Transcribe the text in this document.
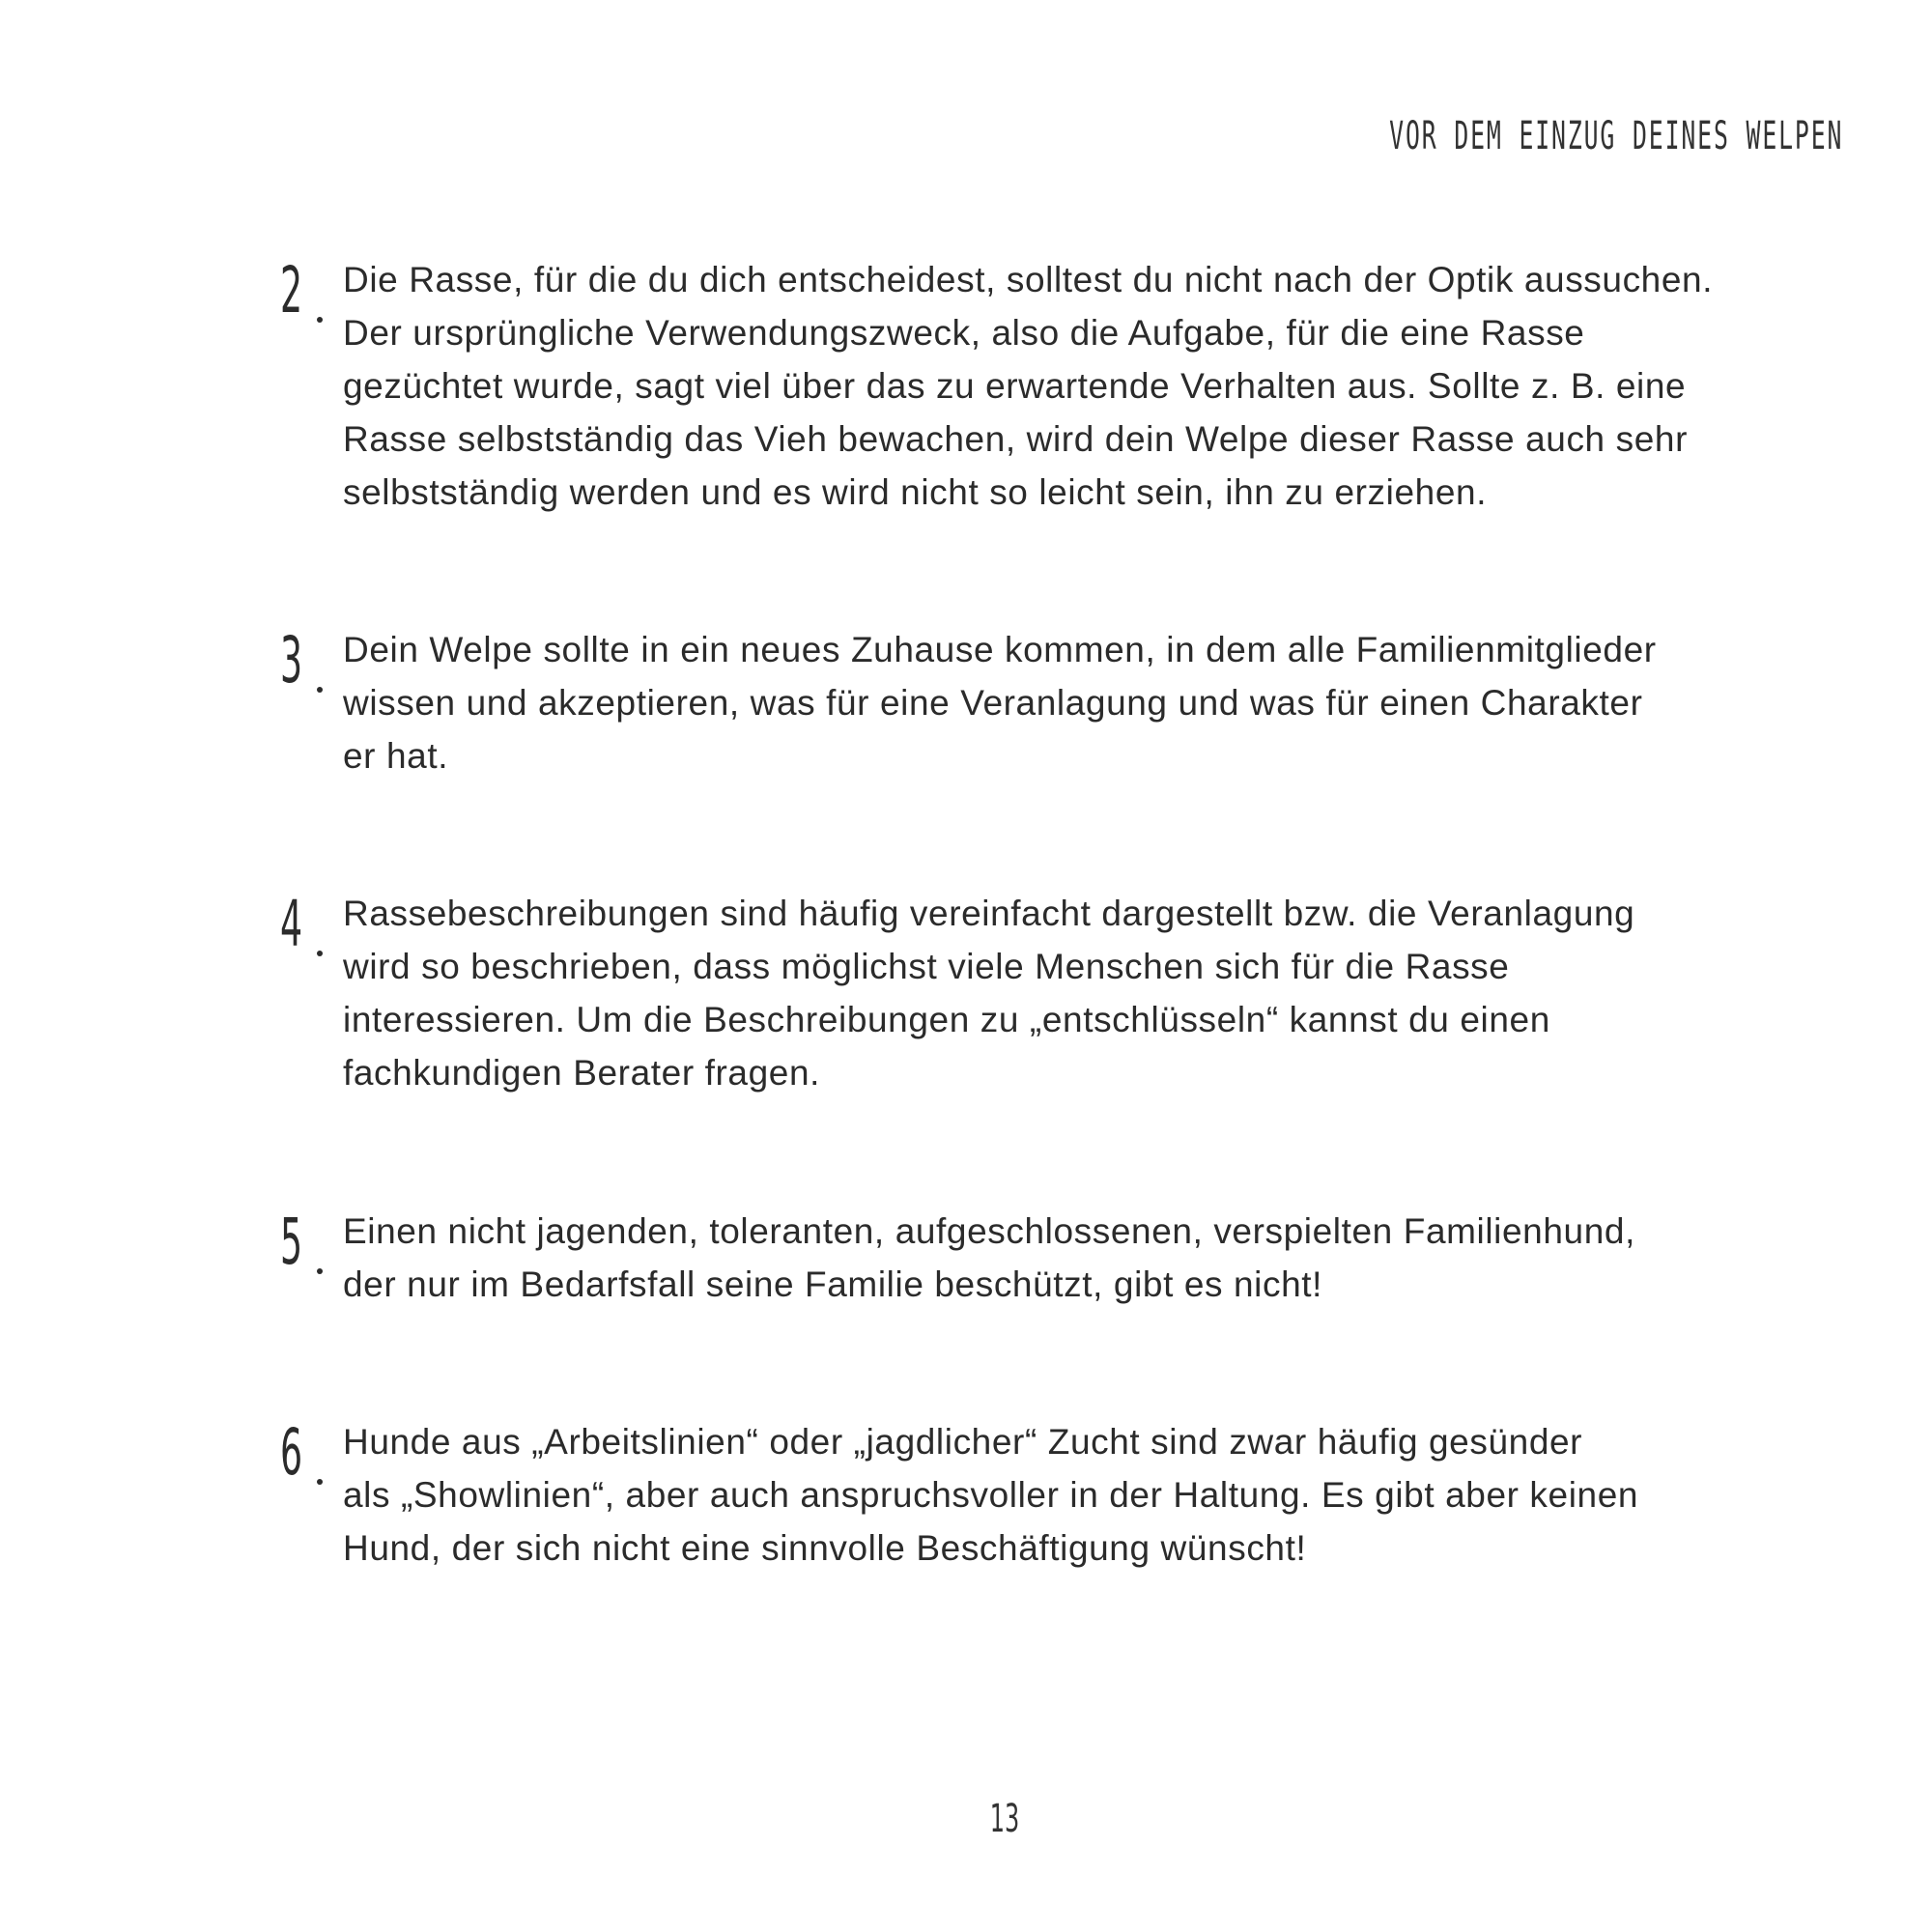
VOR DEM EINZUG DEINES WELPEN
2 Die Rasse, für die du dich entscheidest, solltest du nicht nach der Optik aussuchen.
Der ursprüngliche Verwendungszweck, also die Aufgabe, für die eine Rasse
gezüchtet wurde, sagt viel über das zu erwartende Verhalten aus. Sollte z. B. eine
Rasse selbstständig das Vieh bewachen, wird dein Welpe dieser Rasse auch sehr
selbstständig werden und es wird nicht so leicht sein, ihn zu erziehen.
3 Dein Welpe sollte in ein neues Zuhause kommen, in dem alle Familienmitglieder
wissen und akzeptieren, was für eine Veranlagung und was für einen Charakter
er hat.
4 Rassebeschreibungen sind häufig vereinfacht dargestellt bzw. die Veranlagung
wird so beschrieben, dass möglichst viele Menschen sich für die Rasse
interessieren. Um die Beschreibungen zu „entschlüsseln“ kannst du einen
fachkundigen Berater fragen.
5 Einen nicht jagenden, toleranten, aufgeschlossenen, verspielten Familienhund,
der nur im Bedarfsfall seine Familie beschützt, gibt es nicht!
6 Hunde aus „Arbeitslinien“ oder „jagdlicher“ Zucht sind zwar häufig gesünder
als „Showlinien“, aber auch anspruchsvoller in der Haltung. Es gibt aber keinen
Hund, der sich nicht eine sinnvolle Beschäftigung wünscht!
13
